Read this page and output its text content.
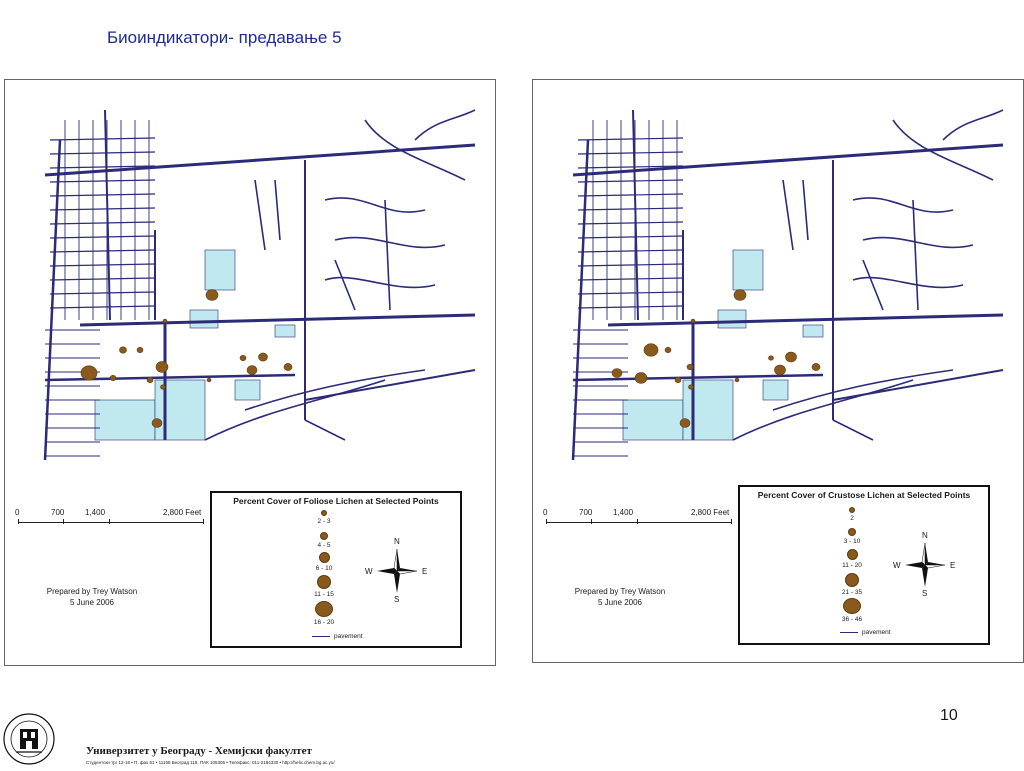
Биоиндикатори- предавање 5
0	700	1,400	2,800 Feet
Prepared by Trey Watson
5 June 2006
Percent Cover of Foliose Lichen at Selected Points
2 - 3
4 - 5
6 - 10
11 - 15
16 - 20
pavement
N
S
W	E
0	700	1,400	2,800 Feet
Prepared by Trey Watson
5 June 2006
Percent Cover of Crustose Lichen at Selected Points
2
3 - 10
11 - 20
21 - 35
36 - 46
pavement
N
S
W	E
10
Универзитет у Београду - Хемијски факултет
Студентски трг 12-16 • П. фах 51 • 11158 Београд 118, ПАК 105305 • Телефакс: 011-2184330 • http://helix.chem.bg.ac.yu/
